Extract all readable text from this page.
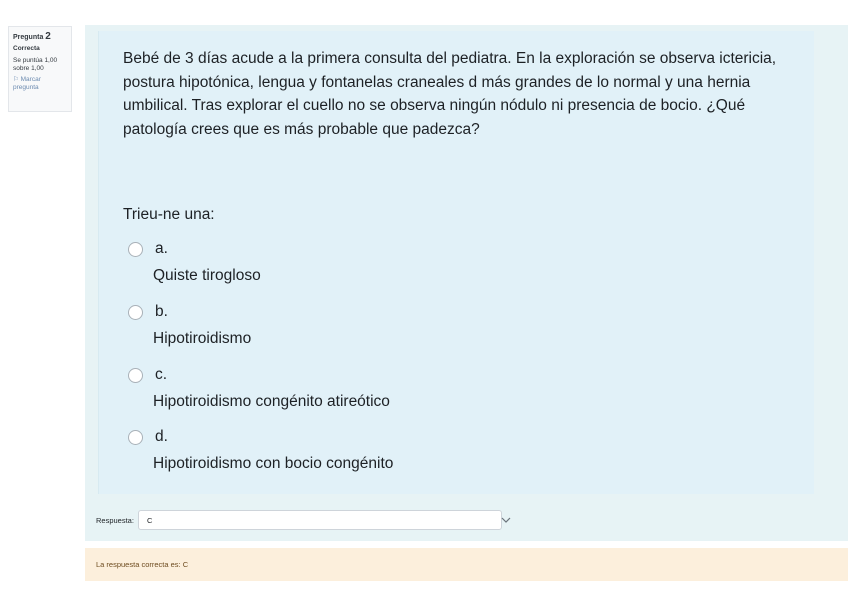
Pregunta 2
Correcta
Se puntúa 1,00 sobre 1,00
⚐ Marcar pregunta
Bebé de 3 días acude a la primera consulta del pediatra. En la exploración se observa ictericia, postura hipotónica, lengua y fontanelas craneales d más grandes de lo normal y una hernia umbilical. Tras explorar el cuello no se observa ningún nódulo ni presencia de bocio. ¿Qué patología crees que es más probable que padezca?
Trieu-ne una:
a.
Quiste tirogloso
b.
Hipotiroidismo
c.
Hipotiroidismo congénito atireótico
d.
Hipotiroidismo con bocio congénito
Respuesta: C
La respuesta correcta es: C
